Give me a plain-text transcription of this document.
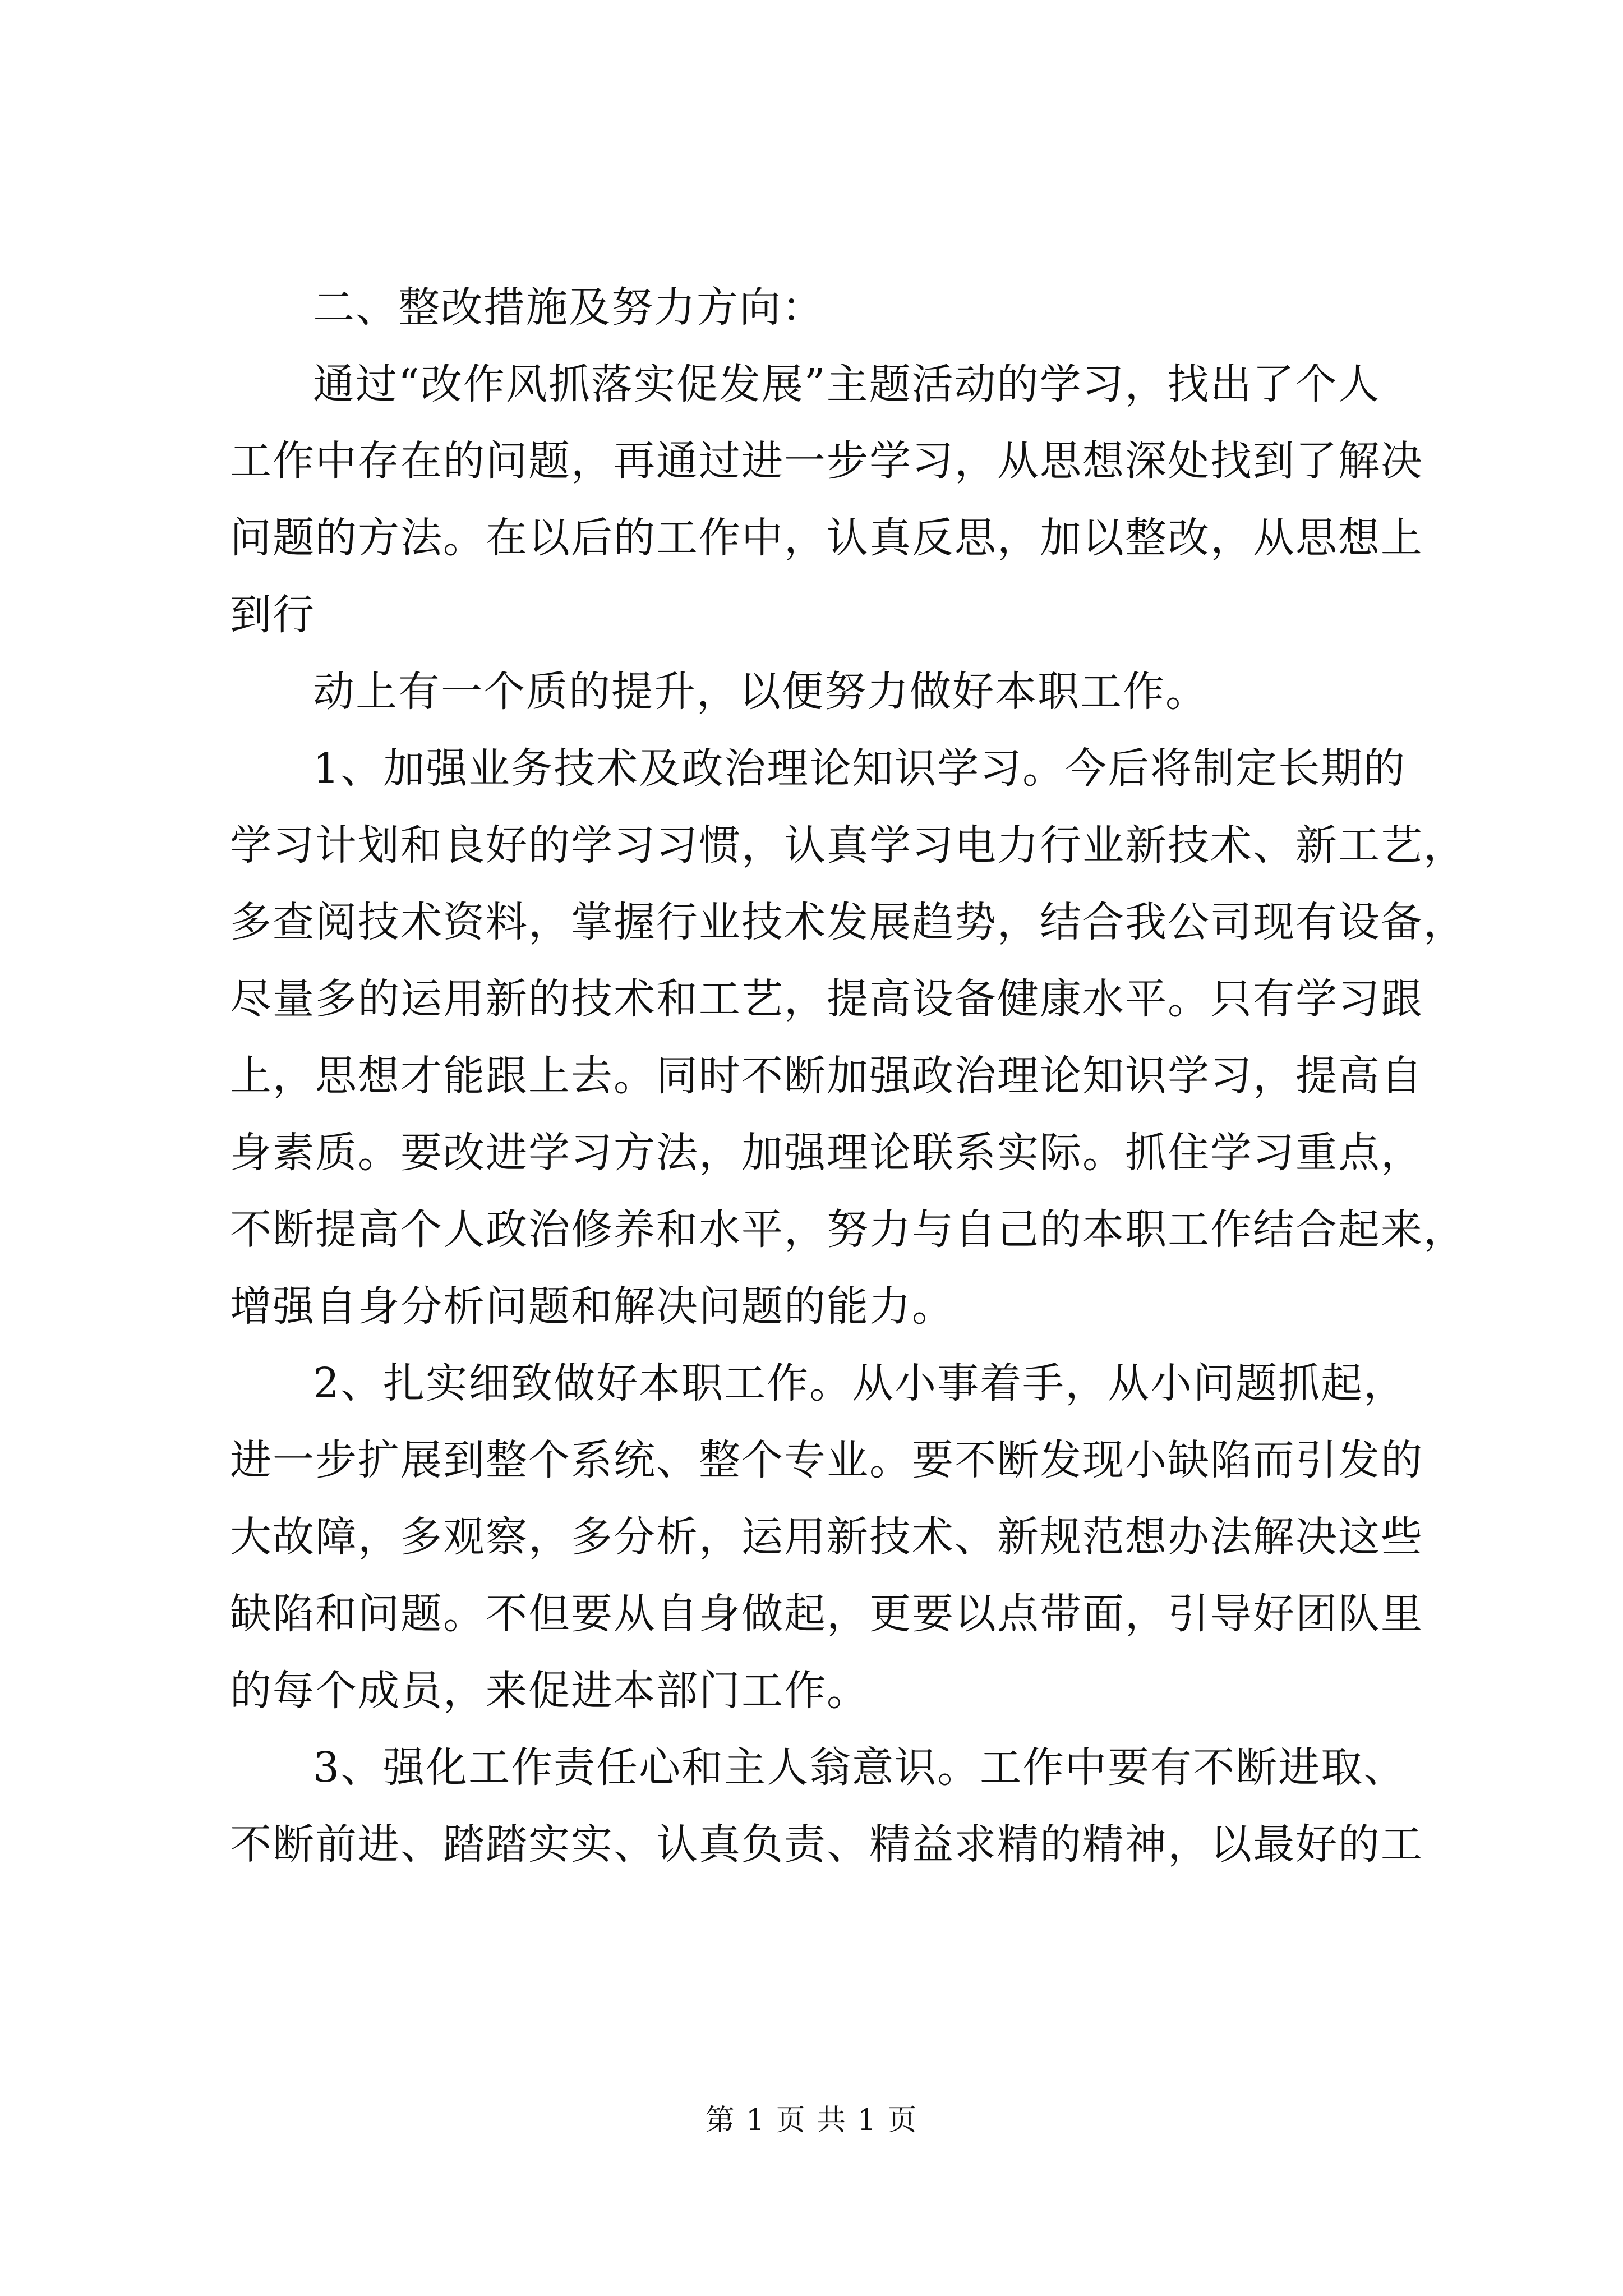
二、整改措施及努力方向：

通过“改作风抓落实促发展”主题活动的学习，找出了个人
工作中存在的问题，再通过进一步学习，从思想深处找到了解决
问题的方法。在以后的工作中，认真反思，加以整改，从思想上
到行

动上有一个质的提升，以便努力做好本职工作。

1、加强业务技术及政治理论知识学习。今后将制定长期的
学习计划和良好的学习习惯，认真学习电力行业新技术、新工艺，
多查阅技术资料，掌握行业技术发展趋势，结合我公司现有设备，
尽量多的运用新的技术和工艺，提高设备健康水平。只有学习跟
上，思想才能跟上去。同时不断加强政治理论知识学习，提高自
身素质。要改进学习方法，加强理论联系实际。抓住学习重点，
不断提高个人政治修养和水平，努力与自己的本职工作结合起来，
增强自身分析问题和解决问题的能力。

2、扎实细致做好本职工作。从小事着手，从小问题抓起，
进一步扩展到整个系统、整个专业。要不断发现小缺陷而引发的
大故障，多观察，多分析，运用新技术、新规范想办法解决这些
缺陷和问题。不但要从自身做起，更要以点带面，引导好团队里
的每个成员，来促进本部门工作。

3、强化工作责任心和主人翁意识。工作中要有不断进取、
不断前进、踏踏实实、认真负责、精益求精的精神，以最好的工

第 1 页 共 1 页
